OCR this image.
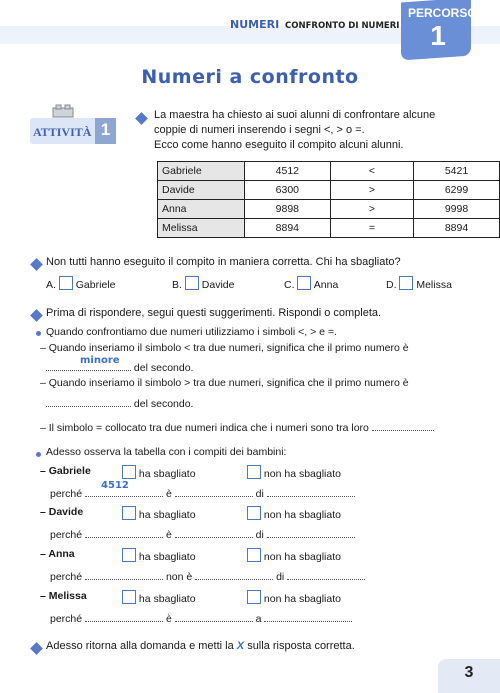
NUMERI CONFRONTO DI NUMERI
PERCORSO
1
Numeri a confronto
ATTIVITÀ 1
La maestra ha chiesto ai suoi alunni di confrontare alcune
coppie di numeri inserendo i segni <, > o =.
Ecco come hanno eseguito il compito alcuni alunni.
Gabriele	4512	<	5421
Davide	6300	>	6299
Anna	9898	>	9998
Melissa	8894	=	8894
Non tutti hanno eseguito il compito in maniera corretta. Chi ha sbagliato?
A. Gabriele	B. Davide	C. Anna	D. Melissa
Prima di rispondere, segui questi suggerimenti. Rispondi o completa.
Quando confrontiamo due numeri utilizziamo i simboli <, > e =.
– Quando inseriamo il simbolo < tra due numeri, significa che il primo numero è
minore
del secondo.
– Quando inseriamo il simbolo > tra due numeri, significa che il primo numero è
del secondo.
– Il simbolo = collocato tra due numeri indica che i numeri sono tra loro
Adesso osserva la tabella con i compiti dei bambini:
– Gabriele	ha sbagliato	non ha sbagliato
perché
4512
è	di
– Davide	ha sbagliato	non ha sbagliato
perché	è	di
– Anna	ha sbagliato	non ha sbagliato
perché	non è	di
– Melissa	ha sbagliato	non ha sbagliato
perché	è	a
Adesso ritorna alla domanda e metti la X sulla risposta corretta.
3
